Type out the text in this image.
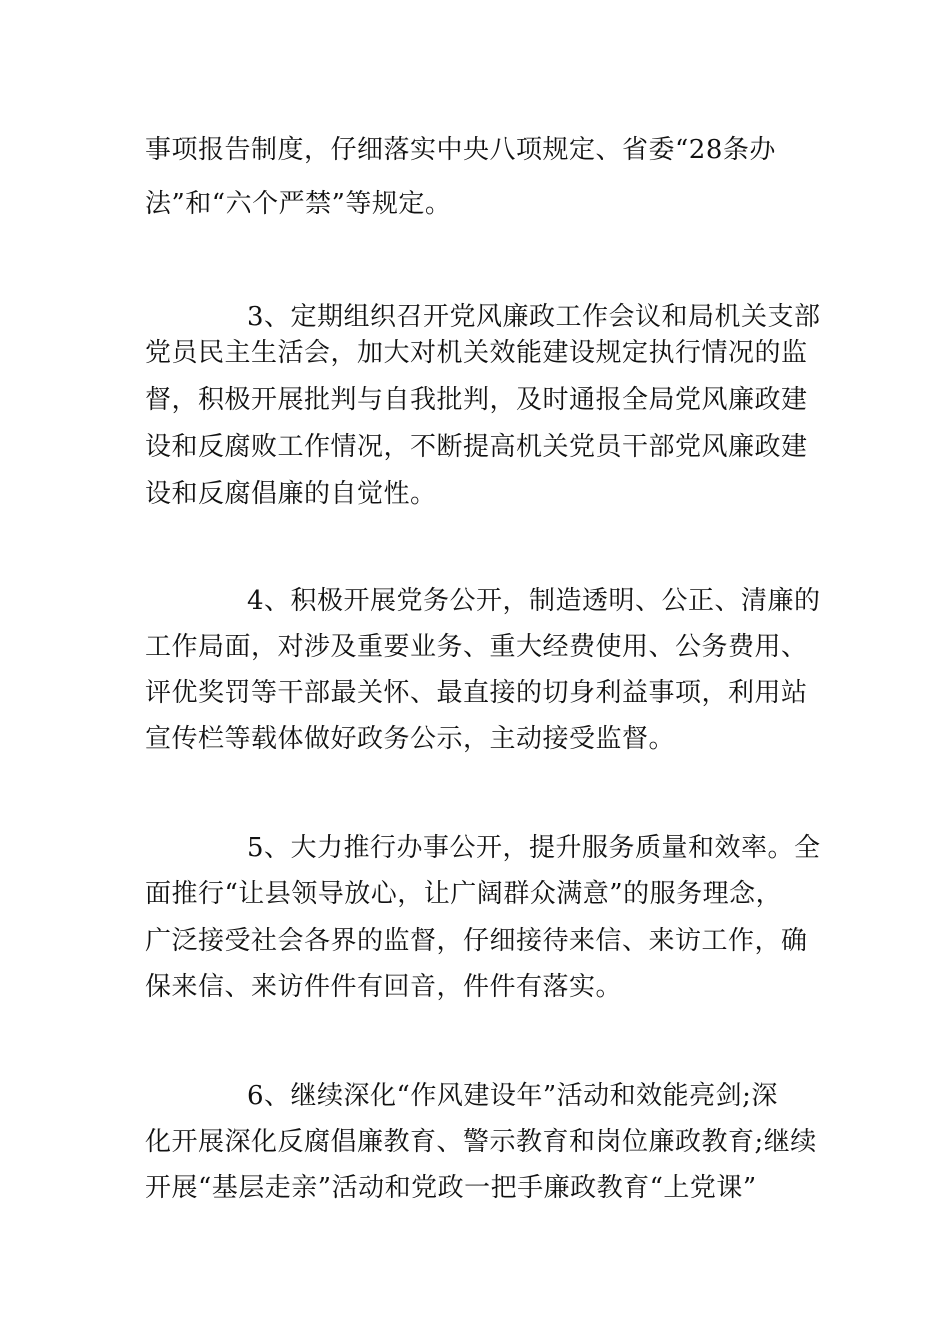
事项报告制度，仔细落实中央八项规定、省委“28条办
法”和“六个严禁”等规定。
3、定期组织召开党风廉政工作会议和局机关支部
党员民主生活会，加大对机关效能建设规定执行情况的监
督，积极开展批判与自我批判，及时通报全局党风廉政建
设和反腐败工作情况，不断提高机关党员干部党风廉政建
设和反腐倡廉的自觉性。
4、积极开展党务公开，制造透明、公正、清廉的
工作局面，对涉及重要业务、重大经费使用、公务费用、
评优奖罚等干部最关怀、最直接的切身利益事项，利用站
宣传栏等载体做好政务公示，主动接受监督。
5、大力推行办事公开，提升服务质量和效率。全
面推行“让县领导放心，让广阔群众满意”的服务理念，
广泛接受社会各界的监督，仔细接待来信、来访工作，确
保来信、来访件件有回音，件件有落实。
6、继续深化“作风建设年”活动和效能亮剑;深
化开展深化反腐倡廉教育、警示教育和岗位廉政教育;继续
开展“基层走亲”活动和党政一把手廉政教育“上党课”
